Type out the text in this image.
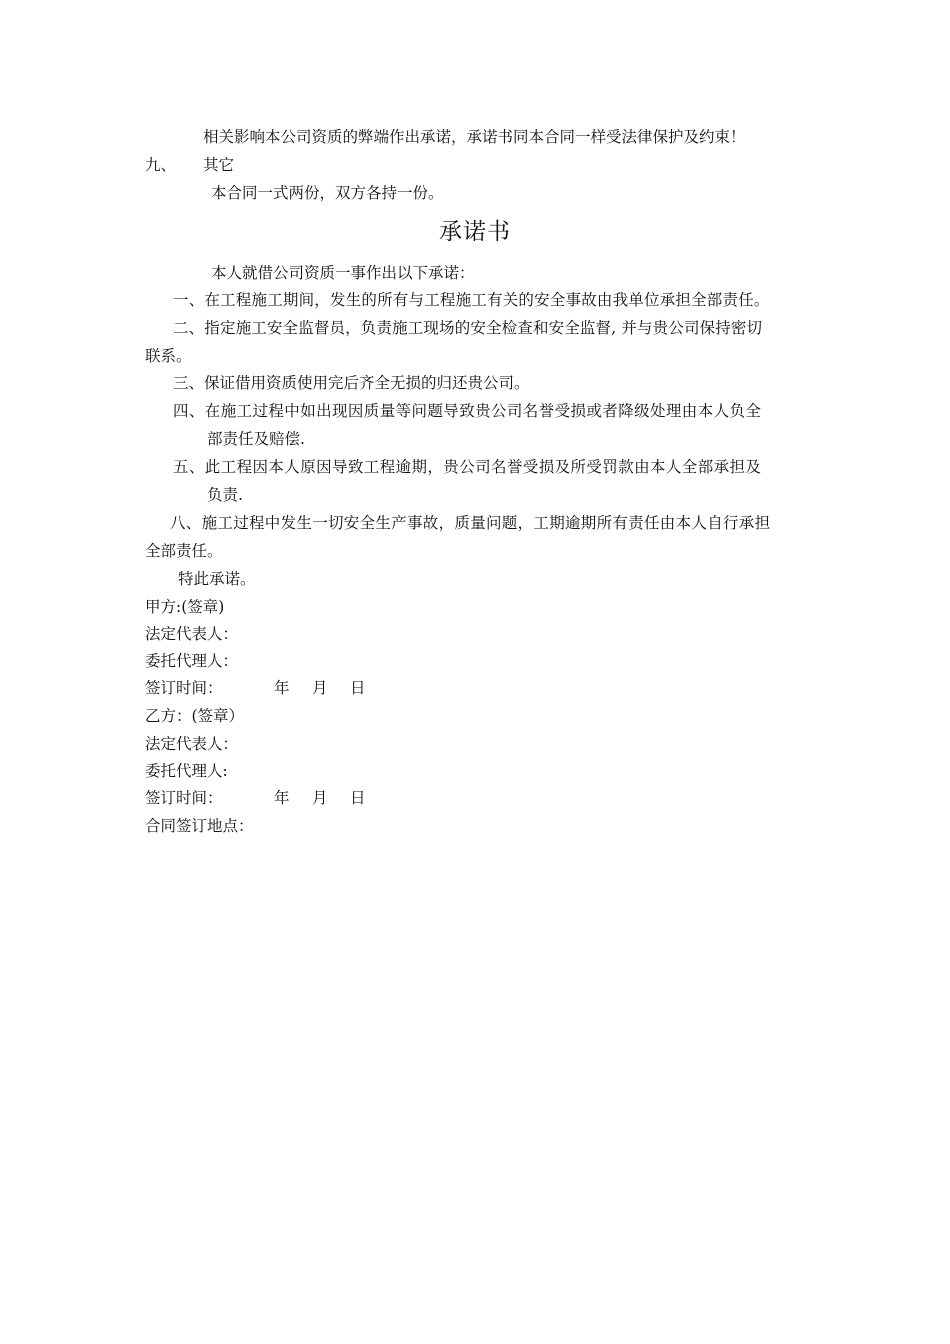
相关影响本公司资质的弊端作出承诺，承诺书同本合同一样受法律保护及约束！
九、 其它
本合同一式两份，双方各持一份。
承诺书
本人就借公司资质一事作出以下承诺：
一、在工程施工期间，发生的所有与工程施工有关的安全事故由我单位承担全部责任。
二、指定施工安全监督员，负责施工现场的安全检查和安全监督, 并与贵公司保持密切
联系。
三、保证借用资质使用完后齐全无损的归还贵公司。
四、在施工过程中如出现因质量等问题导致贵公司名誉受损或者降级处理由本人负全
部责任及赔偿.
五、此工程因本人原因导致工程逾期，贵公司名誉受损及所受罚款由本人全部承担及
负责.
八、施工过程中发生一切安全生产事故，质量问题，工期逾期所有责任由本人自行承担
全部责任。
特此承诺。
甲方:(签章)
法定代表人：
委托代理人：
签订时间：	年 月 日
乙方：(签章）
法定代表人：
委托代理人:
签订时间：	年 月 日
合同签订地点：
